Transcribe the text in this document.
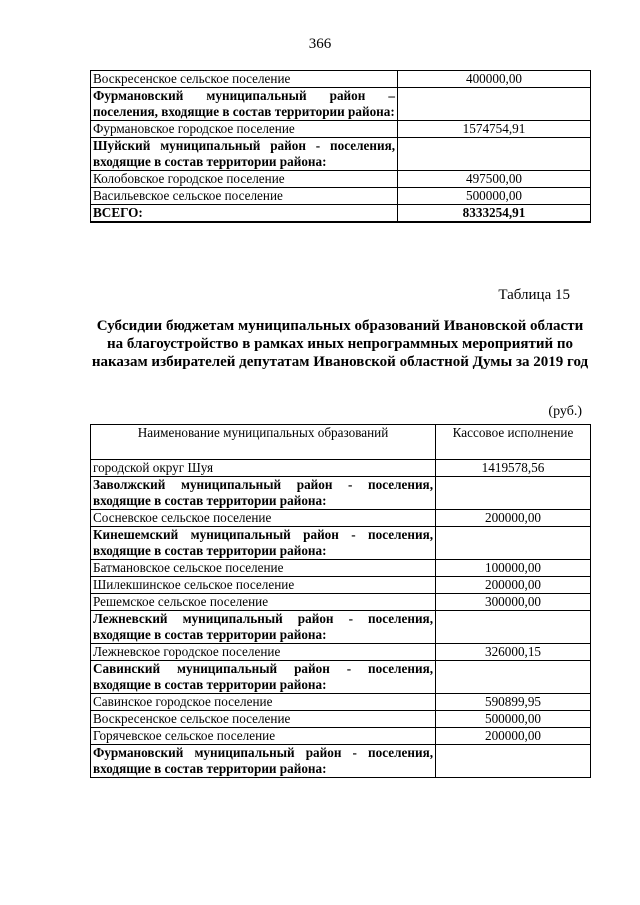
366
Воскресенское сельское поселение	400000,00
Фурмановский муниципальный район – поселения, входящие в состав территории района:	
Фурмановское городское поселение	1574754,91
Шуйский муниципальный район - поселения, входящие в состав территории района:	
Колобовское городское поселение	497500,00
Васильевское сельское поселение	500000,00
ВСЕГО:	8333254,91
Таблица 15
Субсидии бюджетам муниципальных образований Ивановской области на благоустройство в рамках иных непрограммных мероприятий по наказам избирателей депутатам Ивановской областной Думы за 2019 год
(руб.)
Наименование муниципальных образований	Кассовое исполнение
городской округ Шуя	1419578,56
Заволжский муниципальный район - поселения, входящие в состав территории района:	
Сосневское сельское поселение	200000,00
Кинешемский муниципальный район - поселения, входящие в состав территории района:	
Батмановское сельское поселение	100000,00
Шилекшинское сельское поселение	200000,00
Решемское сельское поселение	300000,00
Лежневский муниципальный район - поселения, входящие в состав территории района:	
Лежневское городское поселение	326000,15
Савинский муниципальный район - поселения, входящие в состав территории района:	
Савинское городское поселение	590899,95
Воскресенское сельское поселение	500000,00
Горячевское сельское поселение	200000,00
Фурмановский муниципальный район - поселения, входящие в состав территории района:	
